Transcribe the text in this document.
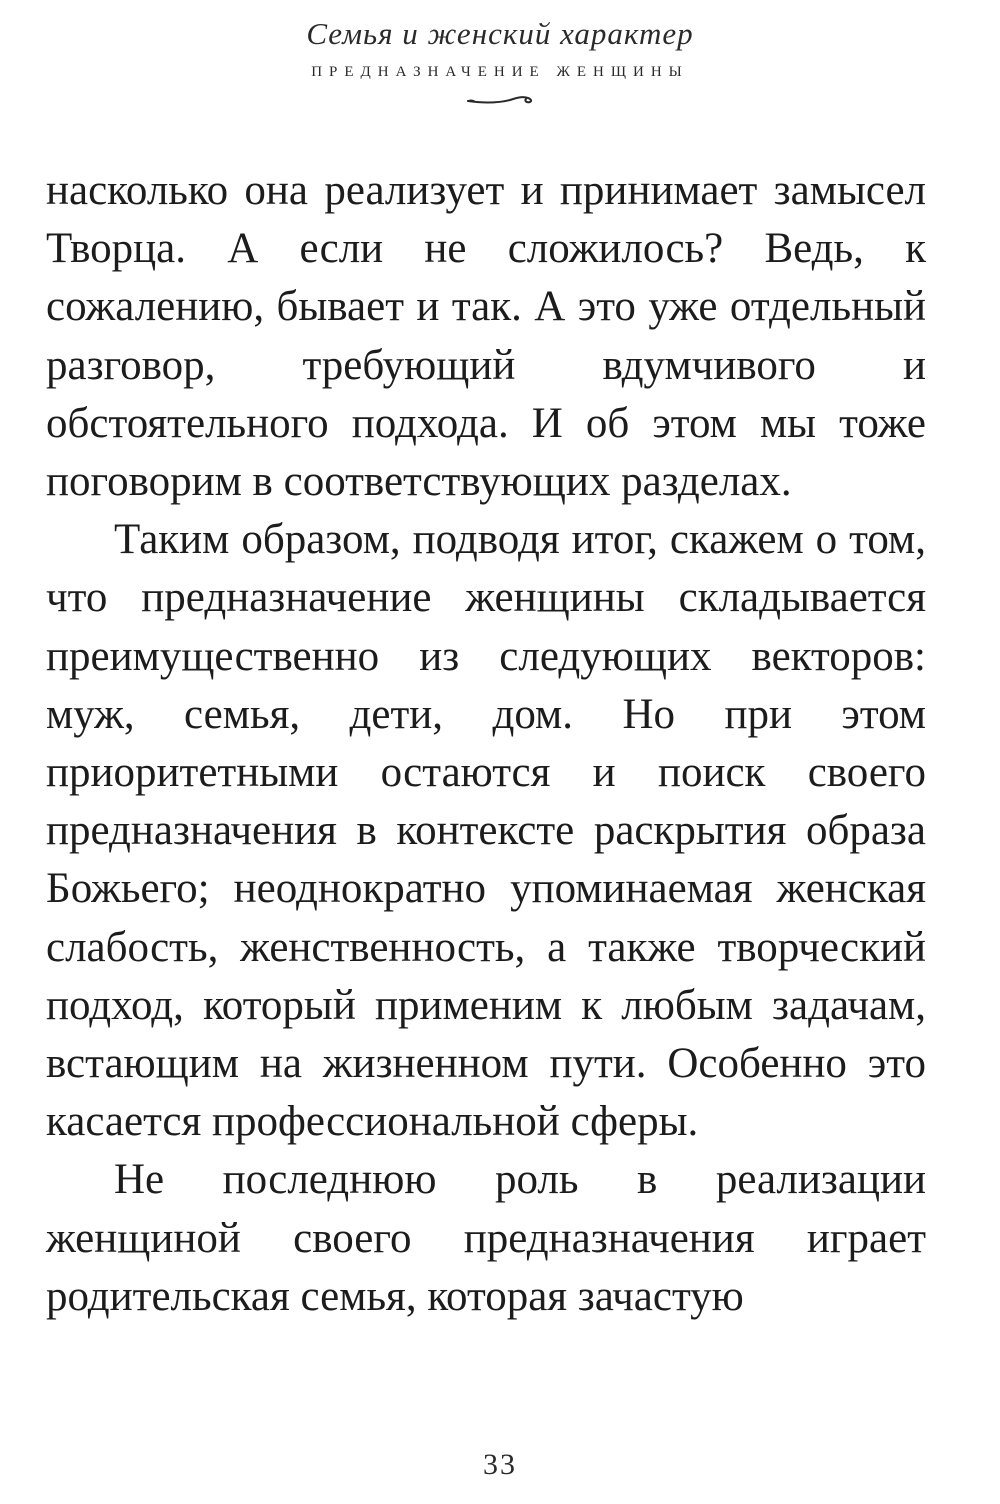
Семья и женский характер
ПРЕДНАЗНАЧЕНИЕ ЖЕНЩИНЫ

насколько она реализует и принимает замысел Творца. А если не сложилось? Ведь, к сожалению, бывает и так. А это уже отдельный разговор, требующий вдумчивого и обстоятельного подхода. И об этом мы тоже поговорим в соответствующих разделах.

Таким образом, подводя итог, скажем о том, что предназначение женщины складывается преимущественно из следующих векторов: муж, семья, дети, дом. Но при этом приоритетными остаются и поиск своего предназначения в контексте раскрытия образа Божьего; неоднократно упоминаемая женская слабость, женственность, а также творческий подход, который применим к любым задачам, встающим на жизненном пути. Особенно это касается профессиональной сферы.

Не последнюю роль в реализации женщиной своего предназначения играет родительская семья, которая зачастую

33
